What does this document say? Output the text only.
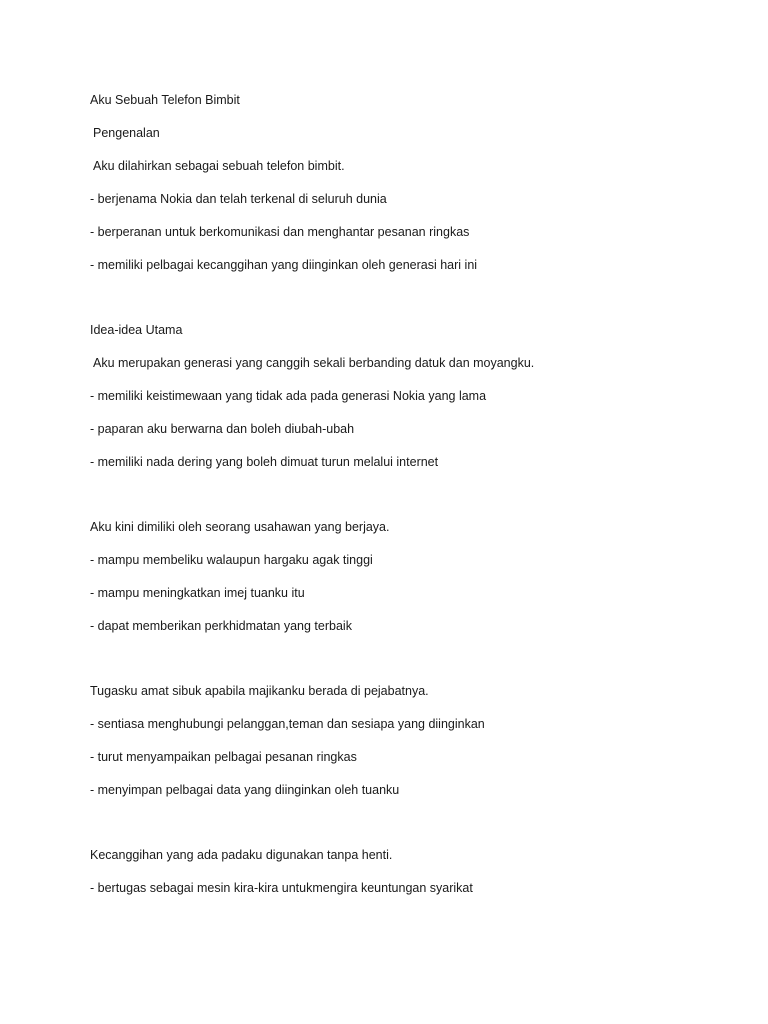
Aku Sebuah Telefon Bimbit
Pengenalan
Aku dilahirkan sebagai sebuah telefon bimbit.
- berjenama Nokia dan telah terkenal di seluruh dunia
- berperanan untuk berkomunikasi dan menghantar pesanan ringkas
- memiliki pelbagai kecanggihan yang diinginkan oleh generasi hari ini
Idea-idea Utama
Aku merupakan generasi yang canggih sekali berbanding datuk dan moyangku.
- memiliki keistimewaan yang tidak ada pada generasi Nokia yang lama
- paparan aku berwarna dan boleh diubah-ubah
- memiliki nada dering yang boleh dimuat turun melalui internet
Aku kini dimiliki oleh seorang usahawan yang berjaya.
- mampu membeliku walaupun hargaku agak tinggi
- mampu meningkatkan imej tuanku itu
- dapat memberikan perkhidmatan yang terbaik
Tugasku amat sibuk apabila majikanku berada di pejabatnya.
- sentiasa menghubungi pelanggan,teman dan sesiapa yang diinginkan
- turut menyampaikan pelbagai pesanan ringkas
- menyimpan pelbagai data yang diinginkan oleh tuanku
Kecanggihan yang ada padaku digunakan tanpa henti.
- bertugas sebagai mesin kira-kira untukmengira keuntungan syarikat
